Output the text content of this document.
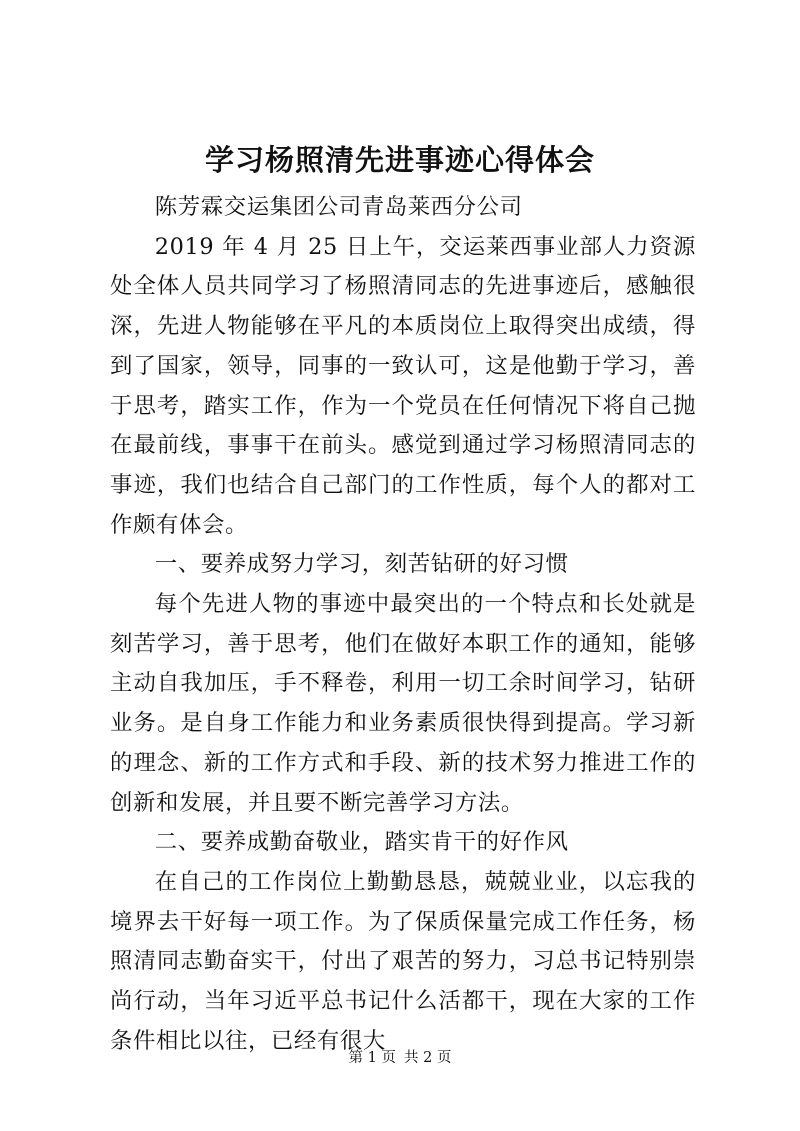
学习杨照清先进事迹心得体会

陈芳霖交运集团公司青岛莱西分公司

2019 年 4 月 25 日上午，交运莱西事业部人力资源处全体人员共同学习了杨照清同志的先进事迹后，感触很深，先进人物能够在平凡的本质岗位上取得突出成绩，得到了国家，领导，同事的一致认可，这是他勤于学习，善于思考，踏实工作，作为一个党员在任何情况下将自己抛在最前线，事事干在前头。感觉到通过学习杨照清同志的事迹，我们也结合自己部门的工作性质，每个人的都对工作颇有体会。

一、要养成努力学习，刻苦钻研的好习惯

每个先进人物的事迹中最突出的一个特点和长处就是刻苦学习，善于思考，他们在做好本职工作的通知，能够主动自我加压，手不释卷，利用一切工余时间学习，钻研业务。是自身工作能力和业务素质很快得到提高。学习新的理念、新的工作方式和手段、新的技术努力推进工作的创新和发展，并且要不断完善学习方法。

二、要养成勤奋敬业，踏实肯干的好作风

在自己的工作岗位上勤勤恳恳，兢兢业业，以忘我的境界去干好每一项工作。为了保质保量完成工作任务，杨照清同志勤奋实干，付出了艰苦的努力，习总书记特别崇尚行动，当年习近平总书记什么活都干，现在大家的工作条件相比以往，已经有很大

第 1 页 共 2 页
